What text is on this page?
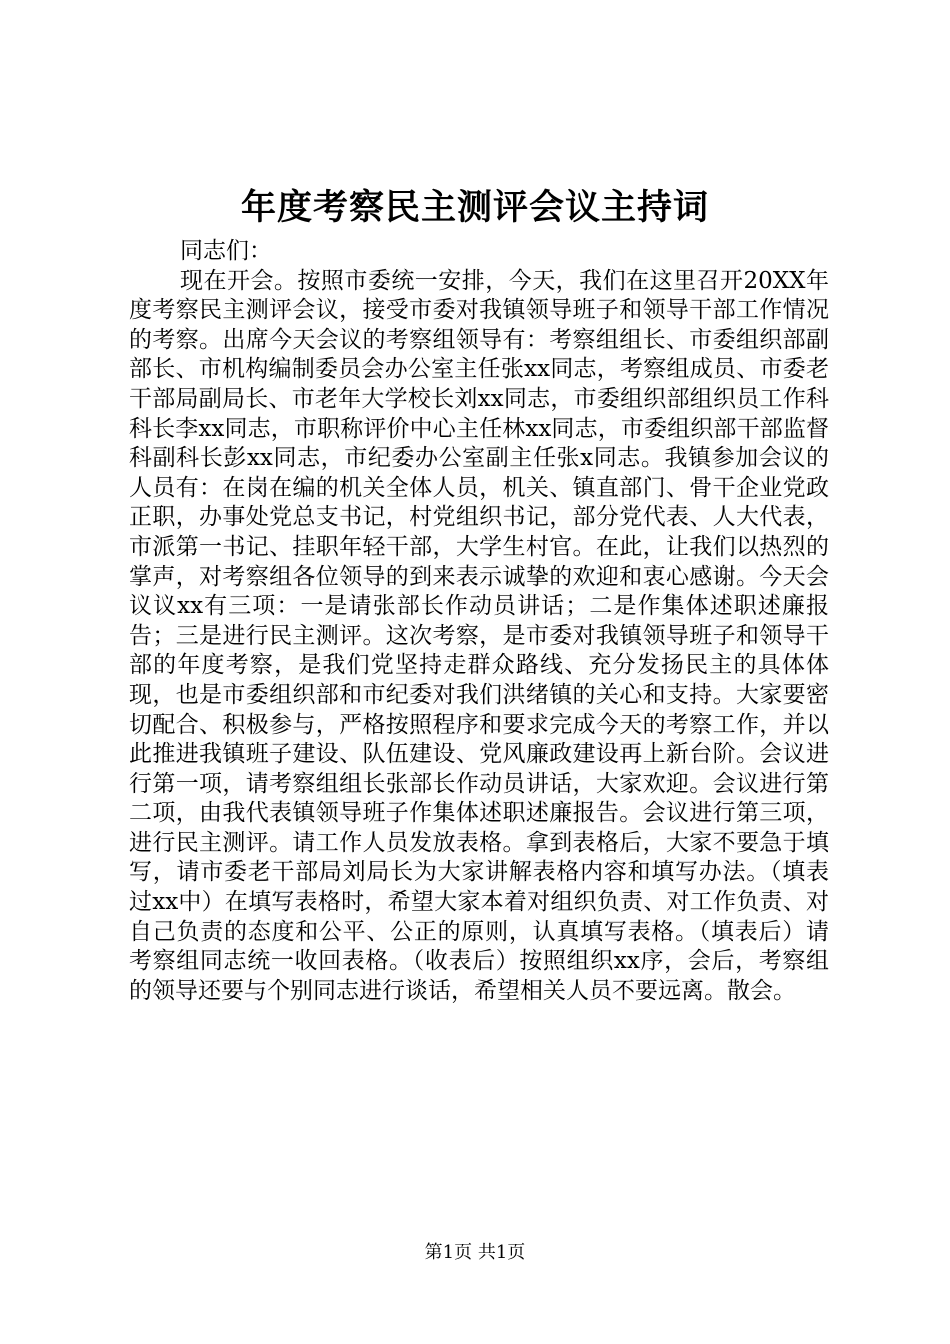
年度考察民主测评会议主持词

同志们：

现在开会。按照市委统一安排，今天，我们在这里召开20XX年度考察民主测评会议，接受市委对我镇领导班子和领导干部工作情况的考察。出席今天会议的考察组领导有：考察组组长、市委组织部副部长、市机构编制委员会办公室主任张xx同志，考察组成员、市委老干部局副局长、市老年大学校长刘xx同志，市委组织部组织员工作科科长李xx同志，市职称评价中心主任林xx同志，市委组织部干部监督科副科长彭xx同志，市纪委办公室副主任张x同志。我镇参加会议的人员有：在岗在编的机关全体人员，机关、镇直部门、骨干企业党政正职，办事处党总支书记，村党组织书记，部分党代表、人大代表，市派第一书记、挂职年轻干部，大学生村官。在此，让我们以热烈的掌声，对考察组各位领导的到来表示诚挚的欢迎和衷心感谢。今天会议议xx有三项：一是请张部长作动员讲话；二是作集体述职述廉报告；三是进行民主测评。这次考察，是市委对我镇领导班子和领导干部的年度考察，是我们党坚持走群众路线、充分发扬民主的具体体现，也是市委组织部和市纪委对我们洪绪镇的关心和支持。大家要密切配合、积极参与，严格按照程序和要求完成今天的考察工作，并以此推进我镇班子建设、队伍建设、党风廉政建设再上新台阶。会议进行第一项，请考察组组长张部长作动员讲话，大家欢迎。会议进行第二项，由我代表镇领导班子作集体述职述廉报告。会议进行第三项，进行民主测评。请工作人员发放表格。拿到表格后，大家不要急于填写，请市委老干部局刘局长为大家讲解表格内容和填写办法。（填表过xx中）在填写表格时，希望大家本着对组织负责、对工作负责、对自己负责的态度和公平、公正的原则，认真填写表格。（填表后）请考察组同志统一收回表格。（收表后）按照组织xx序，会后，考察组的领导还要与个别同志进行谈话，希望相关人员不要远离。散会。

第1页 共1页
